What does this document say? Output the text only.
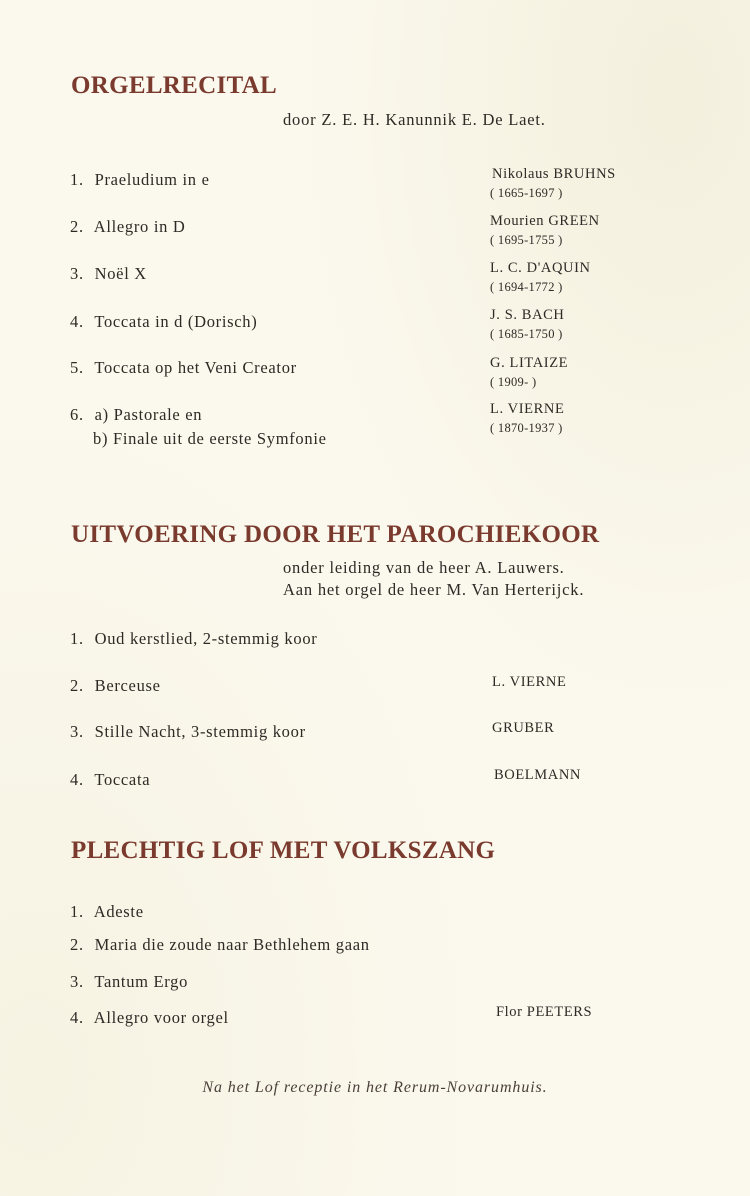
ORGELRECITAL
door Z. E. H. Kanunnik E. De Laet.
1. Praeludium in e	Nikolaus BRUHNS
( 1665-1697 )
2. Allegro in D	Mourien GREEN
( 1695-1755 )
3. Noël X	L. C. D'AQUIN
( 1694-1772 )
4. Toccata in d (Dorisch)	J. S. BACH
( 1685-1750 )
5. Toccata op het Veni Creator	G. LITAIZE
( 1909- )
6. a) Pastorale en
b) Finale uit de eerste Symfonie
L. VIERNE
( 1870-1937 )
UITVOERING DOOR HET PAROCHIEKOOR
onder leiding van de heer A. Lauwers.
Aan het orgel de heer M. Van Herterijck.
1. Oud kerstlied, 2-stemmig koor
2. Berceuse	L. VIERNE
3. Stille Nacht, 3-stemmig koor	GRUBER
4. Toccata	BOELMANN
PLECHTIG LOF MET VOLKSZANG
1. Adeste
2. Maria die zoude naar Bethlehem gaan
3. Tantum Ergo
4. Allegro voor orgel	Flor PEETERS
Na het Lof receptie in het Rerum-Novarumhuis.
